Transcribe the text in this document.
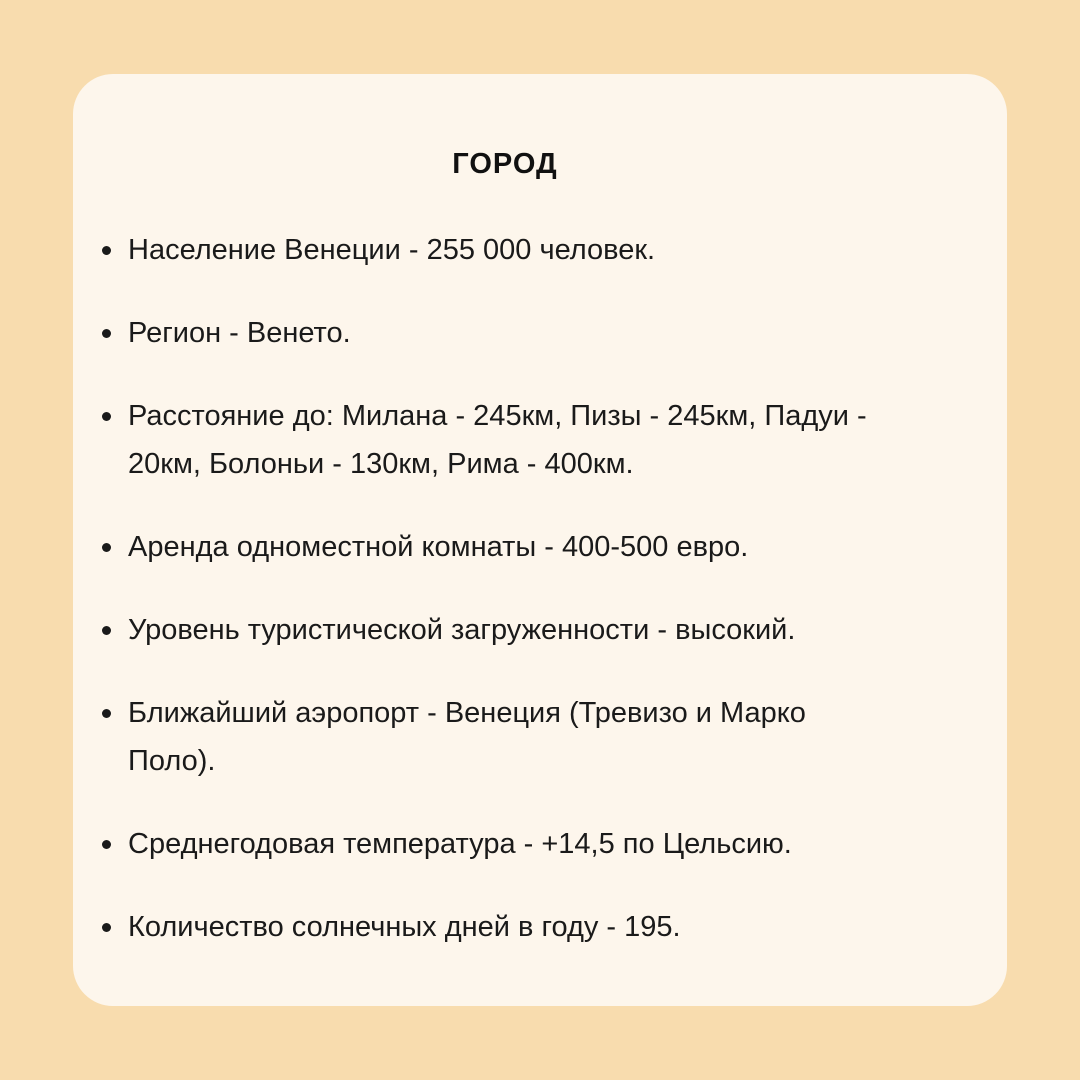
ГОРОД
Население Венеции - 255 000 человек.
Регион - Венето.
Расстояние до: Милана - 245км, Пизы - 245км, Падуи - 20км, Болоньи - 130км, Рима - 400км.
Аренда одноместной комнаты - 400-500 евро.
Уровень туристической загруженности - высокий.
Ближайший аэропорт - Венеция (Тревизо и Марко Поло).
Среднегодовая температура - +14,5 по Цельсию.
Количество солнечных дней в году - 195.
